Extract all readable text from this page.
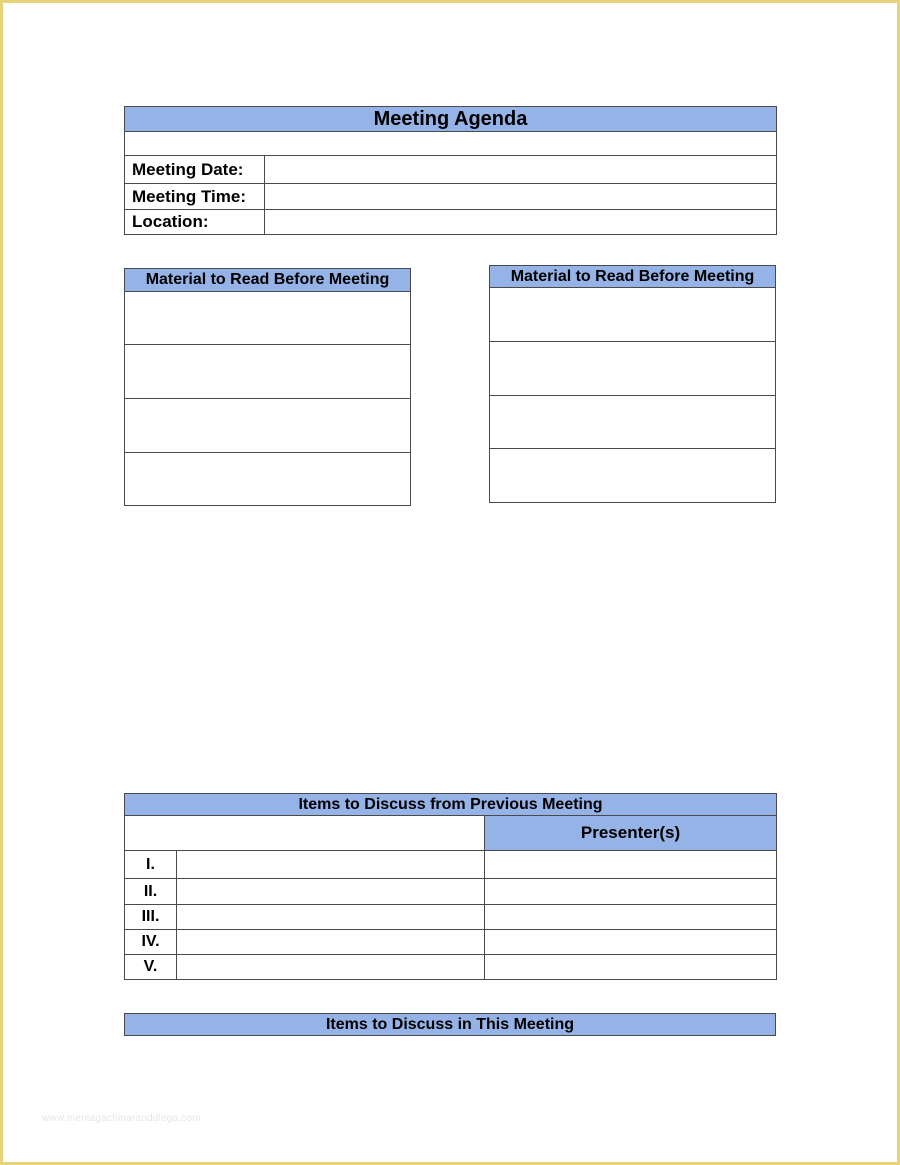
Meeting Agenda	

Meeting Date:	
Meeting Time:	
Location:	
Material to Read Before Meeting	Material to Read Before Meeting

Items to Discuss from Previous Meeting		
		Presenter(s)
I.		
II.		
III.		
IV.		
V.		
Items to Discuss in This Meeting
www.mentagachinaranddlega.com
